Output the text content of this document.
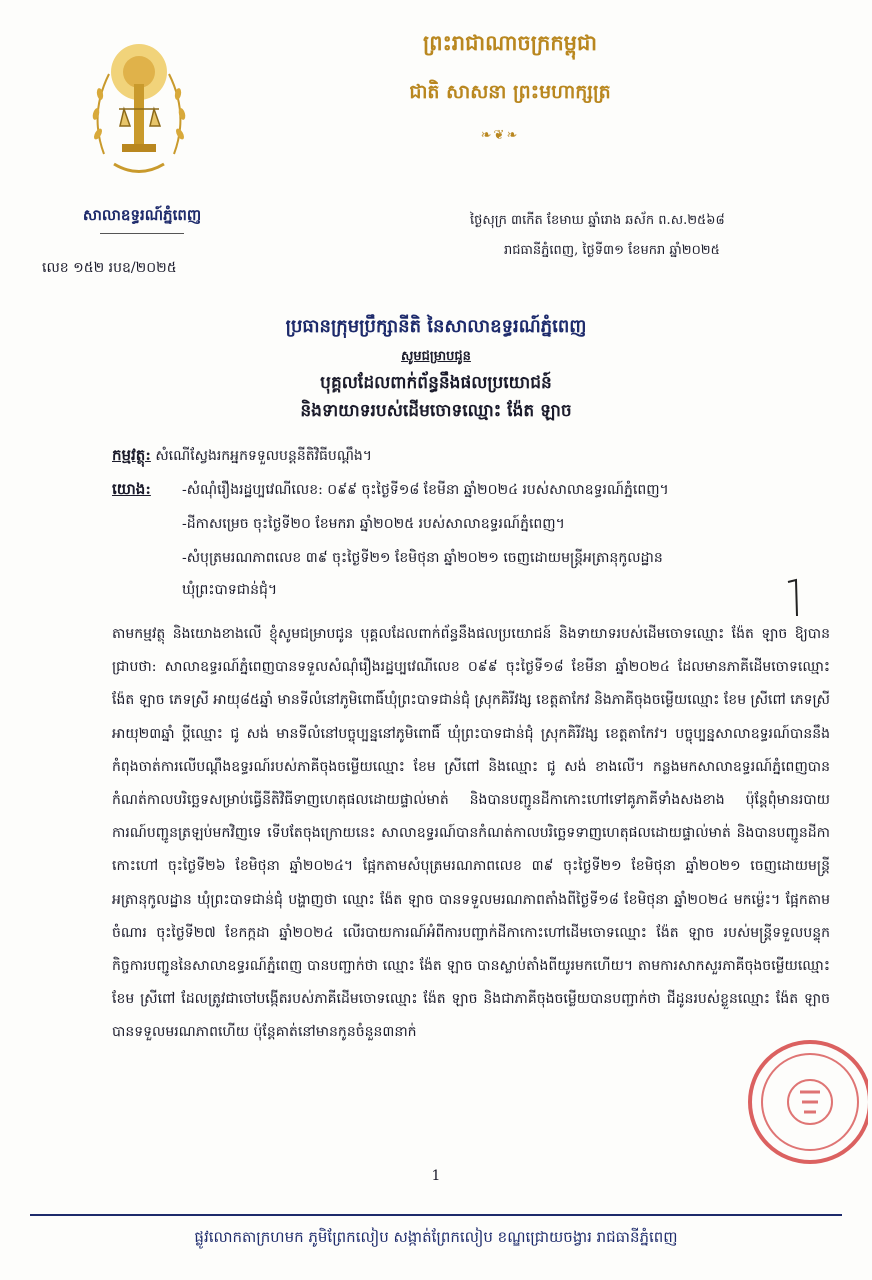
សាលាឧទ្ធរណ៍ភ្នំពេញ
ព្រះរាជាណាចក្រកម្ពុជា
ជាតិ សាសនា ព្រះមហាក្សត្រ
❧❦❧
ថ្ងៃសុក្រ ៣កើត ខែមាឃ ឆ្នាំរោង ឆស័ក ព.ស.២៥៦៨
រាជធានីភ្នំពេញ, ថ្ងៃទី៣១ ខែមករា ឆ្នាំ២០២៥
លេខ ១៥២ របឧ/២០២៥
ប្រធានក្រុមប្រឹក្សានីតិ នៃសាលាឧទ្ធរណ៍ភ្នំពេញ
សូមជម្រាបជូន
បុគ្គលដែលពាក់ព័ន្ធនឹងផលប្រយោជន៍
និងទាយាទរបស់ដើមចោទឈ្មោះ ង៉ែត ឡាច
កម្មវត្ថុ: សំណើស្វែងរកអ្នកទទួលបន្តនីតិវិធីបណ្តឹង។
យោង: -សំណុំរឿងរដ្ឋប្បវេណីលេខ: ០៩៩ ចុះថ្ងៃទី១៨ ខែមីនា ឆ្នាំ២០២៤ របស់សាលាឧទ្ធរណ៍ភ្នំពេញ។
-ដីកាសម្រេច ចុះថ្ងៃទី២០ ខែមករា ឆ្នាំ២០២៥ របស់សាលាឧទ្ធរណ៍ភ្នំពេញ។
-សំបុត្រមរណភាពលេខ ៣៩ ចុះថ្ងៃទី២១ ខែមិថុនា ឆ្នាំ២០២១ ចេញដោយមន្ត្រីអត្រានុកូលដ្ឋាន
ឃុំព្រះបាទជាន់ជុំ។
តាមកម្មវត្ថុ និងយោងខាងលើ ខ្ញុំសូមជម្រាបជូន បុគ្គលដែលពាក់ព័ន្ធនឹងផលប្រយោជន៍ និងទាយាទរបស់ដើមចោទឈ្មោះ ង៉ែត ឡាច ឱ្យបានជ្រាបថា: សាលាឧទ្ធរណ៍ភ្នំពេញបានទទួលសំណុំរឿងរដ្ឋប្បវេណីលេខ ០៩៩ ចុះថ្ងៃទី១៨ ខែមីនា ឆ្នាំ២០២៤ ដែលមានភាគីដើមចោទឈ្មោះ ង៉ែត ឡាច ភេទស្រី អាយុ៨៥ឆ្នាំ មានទីលំនៅភូមិពោធិ៍ឃុំព្រះបាទជាន់ជុំ ស្រុកគិរីវង្ស ខេត្តតាកែវ និងភាគីចុងចម្លើយឈ្មោះ ខែម ស្រីពៅ ភេទស្រី អាយុ២៣ឆ្នាំ ប្តីឈ្មោះ ជូ សង់ មានទីលំនៅបច្ចុប្បន្ននៅភូមិពោធិ៍ ឃុំព្រះបាទជាន់ជុំ ស្រុកគិរីវង្ស ខេត្តតាកែវ។ បច្ចុប្បន្នសាលាឧទ្ធរណ៍បាននឹងកំពុងចាត់ការលើបណ្តឹងឧទ្ធរណ៍របស់ភាគីចុងចម្លើយឈ្មោះ ខែម ស្រីពៅ និងឈ្មោះ ជូ សង់ ខាងលើ។ កន្លងមកសាលាឧទ្ធរណ៍ភ្នំពេញបានកំណត់កាលបរិច្ឆេទសម្រាប់ធ្វើនីតិវិធីទាញហេតុផលដោយផ្ទាល់មាត់ និងបានបញ្ជូនដីកាកោះហៅទៅគូភាគីទាំងសងខាង ប៉ុន្តែពុំមានរបាយការណ៍បញ្ជូនត្រឡប់មកវិញទេ ទើបតែចុងក្រោយនេះ សាលាឧទ្ធរណ៍បានកំណត់កាលបរិច្ឆេទទាញហេតុផលដោយផ្ទាល់មាត់ និងបានបញ្ជូនដីកាកោះហៅ ចុះថ្ងៃទី២៦ ខែមិថុនា ឆ្នាំ២០២៤។ ផ្អែកតាមសំបុត្រមរណភាពលេខ ៣៩ ចុះថ្ងៃទី២១ ខែមិថុនា ឆ្នាំ២០២១ ចេញដោយមន្ត្រីអត្រានុកូលដ្ឋាន ឃុំព្រះបាទជាន់ជុំ បង្ហាញថា ឈ្មោះ ង៉ែត ឡាច បានទទួលមរណភាពតាំងពីថ្ងៃទី១៨ ខែមិថុនា ឆ្នាំ២០២៤ មកម្ល៉េះ។ ផ្អែកតាមចំណារ ចុះថ្ងៃទី២៧ ខែកក្កដា ឆ្នាំ២០២៤ លើរបាយការណ៍អំពីការបញ្ជាក់ដីកាកោះហៅដើមចោទឈ្មោះ ង៉ែត ឡាច របស់មន្ត្រីទទួលបន្ទុកកិច្ចការបញ្ជូននៃសាលាឧទ្ធរណ៍ភ្នំពេញ បានបញ្ជាក់ថា ឈ្មោះ ង៉ែត ឡាច បានស្លាប់តាំងពីយូរមកហើយ។ តាមការសាកសួរភាគីចុងចម្លើយឈ្មោះ ខែម ស្រីពៅ ដែលត្រូវជាចៅបង្កើតរបស់ភាគីដើមចោទឈ្មោះ ង៉ែត ឡាច និងជាភាគីចុងចម្លើយបានបញ្ជាក់ថា ជីដូនរបស់ខ្លួនឈ្មោះ ង៉ែត ឡាច បានទទួលមរណភាពហើយ ប៉ុន្តែគាត់នៅមានកូនចំនួន៣នាក់
1
ផ្លូវលោកតាក្រហមក ភូមិព្រែកលៀប សង្កាត់ព្រែកលៀប ខណ្ឌជ្រោយចង្វារ រាជធានីភ្នំពេញ
